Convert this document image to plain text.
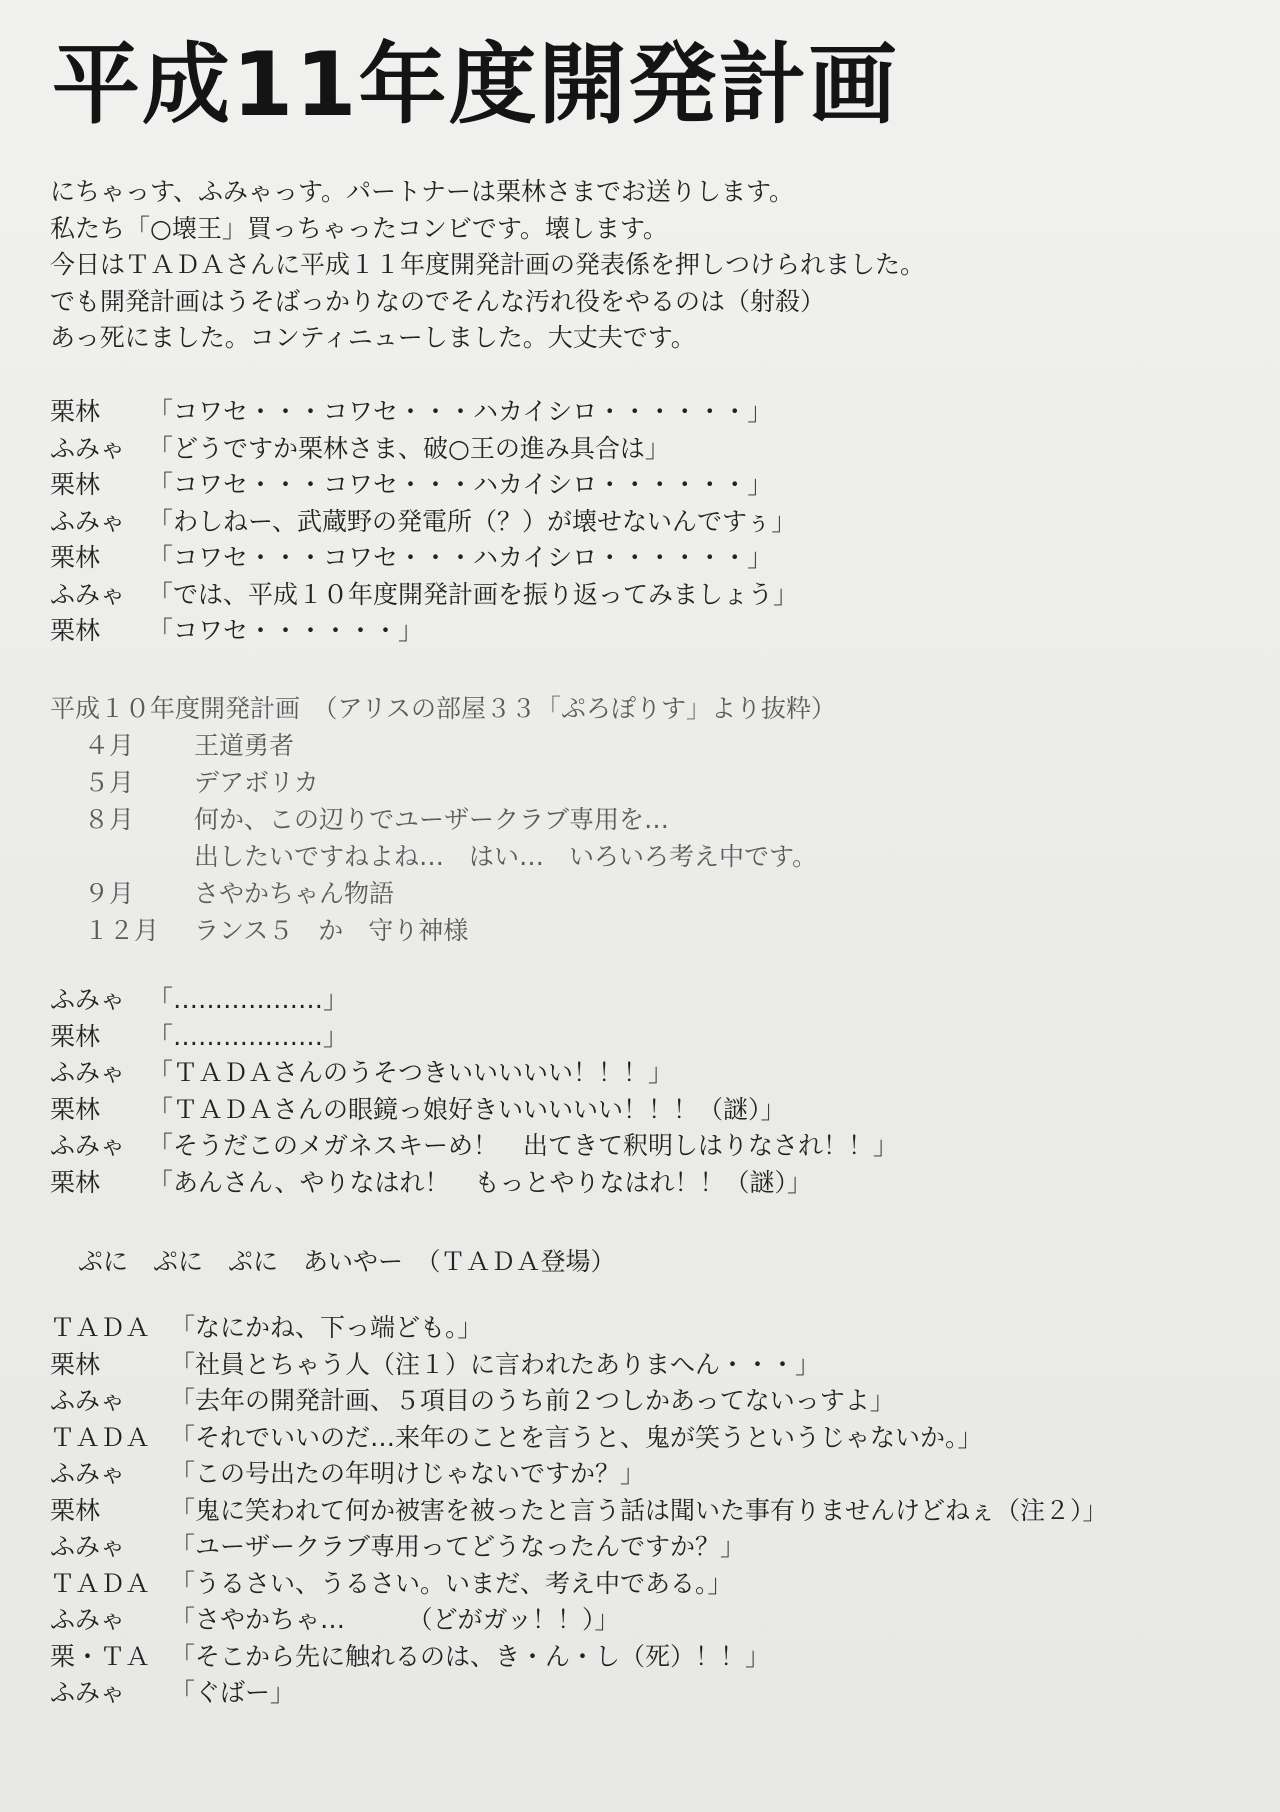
平成11年度開発計画
にちゃっす、ふみゃっす。パートナーは栗林さまでお送りします。
私たち「○壊王」買っちゃったコンビです。壊します。
今日はＴＡＤＡさんに平成１１年度開発計画の発表係を押しつけられました。
でも開発計画はうそばっかりなのでそんな汚れ役をやるのは（射殺）
あっ死にました。コンティニューしました。大丈夫です。
栗林	「コワセ・・・コワセ・・・ハカイシロ・・・・・・」
ふみゃ 「どうですか栗林さま、破○王の進み具合は」
栗林	「コワセ・・・コワセ・・・ハカイシロ・・・・・・」
ふみゃ 「わしねー、武蔵野の発電所（？）が壊せないんですぅ」
栗林	「コワセ・・・コワセ・・・ハカイシロ・・・・・・」
ふみゃ 「では、平成１０年度開発計画を振り返ってみましょう」
栗林	「コワセ・・・・・・」
平成１０年度開発計画　（アリスの部屋３３「ぷろぽりす」より抜粋）
４月	王道勇者
５月	デアボリカ
８月	何か、この辺りでユーザークラブ専用を…
出したいですねよね…　はい…　いろいろ考え中です。
９月	さやかちゃん物語
１２月	ランス５　か　守り神様
ふみゃ 「………………」
栗林	「………………」
ふみゃ 「ＴＡＤＡさんのうそつきいいいいい！！！」
栗林	「ＴＡＤＡさんの眼鏡っ娘好きいいいいい！！！（謎）」
ふみゃ 「そうだこのメガネスキーめ！　出てきて釈明しはりなされ！！」
栗林	「あんさん、やりなはれ！　もっとやりなはれ！！（謎）」
ぷに　ぷに　ぷに　あいやー　（ＴＡＤＡ登場）
ＴＡＤＡ 「なにかね、下っ端ども。」
栗林	「社員とちゃう人（注１）に言われたありまへん・・・」
ふみゃ	「去年の開発計画、５項目のうち前２つしかあってないっすよ」
ＴＡＤＡ 「それでいいのだ…来年のことを言うと、鬼が笑うというじゃないか。」
ふみゃ	「この号出たの年明けじゃないですか？」
栗林	「鬼に笑われて何か被害を被ったと言う話は聞いた事有りませんけどねぇ（注２）」
ふみゃ	「ユーザークラブ専用ってどうなったんですか？」
ＴＡＤＡ 「うるさい、うるさい。いまだ、考え中である。」
ふみゃ	「さやかちゃ…　　　（どがガッ！！）」
栗・ＴＡ 「そこから先に触れるのは、き・ん・し（死）！！」
ふみゃ	「ぐばー」
